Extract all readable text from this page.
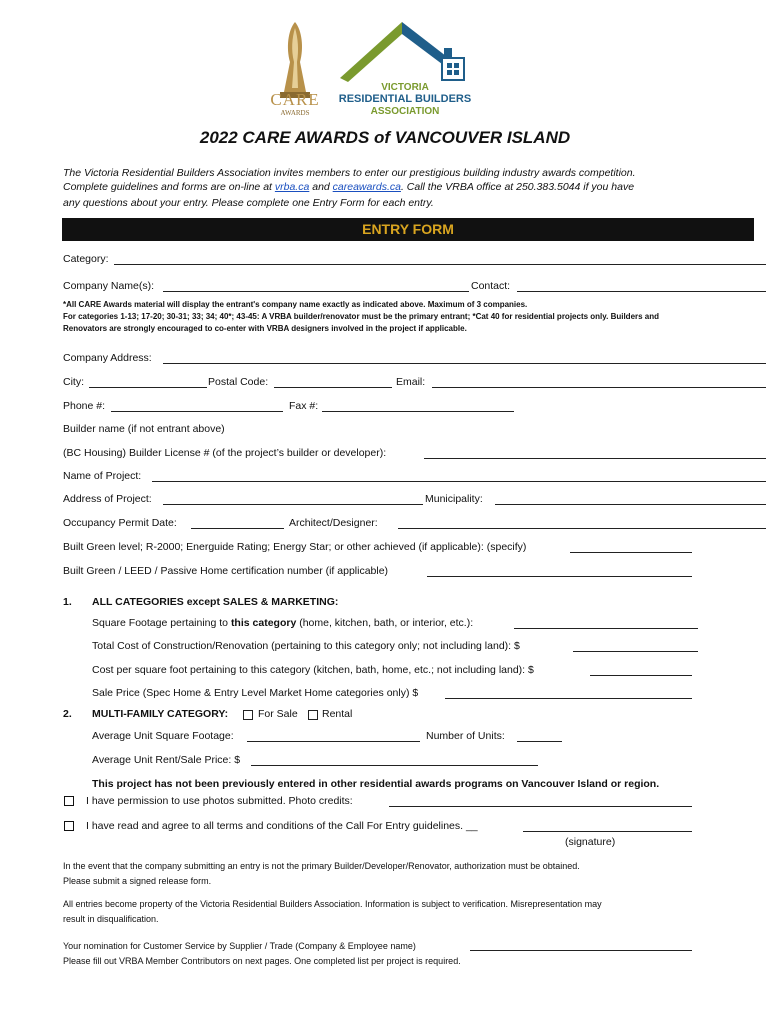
CARE
AWARDS
VICTORIA
RESIDENTIAL BUILDERS
ASSOCIATION
2022 CARE AWARDS of VANCOUVER ISLAND
The Victoria Residential Builders Association invites members to enter our prestigious building industry awards competition.
Complete guidelines and forms are on-line at vrba.ca and careawards.ca. Call the VRBA office at 250.383.5044 if you have
any questions about your entry. Please complete one Entry Form for each entry.
ENTRY FORM
Category:
Company Name(s):	Contact:
*All CARE Awards material will display the entrant's company name exactly as indicated above. Maximum of 3 companies.
For categories 1-13; 17-20; 30-31; 33; 34; 40*; 43-45: A VRBA builder/renovator must be the primary entrant; *Cat 40 for residential projects only. Builders and
Renovators are strongly encouraged to co-enter with VRBA designers involved in the project if applicable.
Company Address:
City:	Postal Code:	Email:
Phone #:	Fax #:
Builder name (if not entrant above)
(BC Housing) Builder License # (of the project’s builder or developer):
Name of Project:
Address of Project:	Municipality:
Occupancy Permit Date:	Architect/Designer:
Built Green level; R-2000; Energuide Rating; Energy Star; or other achieved (if applicable): (specify)
Built Green / LEED / Passive Home certification number (if applicable)
1. ALL CATEGORIES except SALES & MARKETING:
Square Footage pertaining to this category (home, kitchen, bath, or interior, etc.):
Total Cost of Construction/Renovation (pertaining to this category only; not including land): $
Cost per square foot pertaining to this category (kitchen, bath, home, etc.; not including land): $
Sale Price (Spec Home & Entry Level Market Home categories only) $
2. MULTI-FAMILY CATEGORY:	For Sale Rental
Average Unit Square Footage:	Number of Units:
Average Unit Rent/Sale Price: $
This project has not been previously entered in other residential awards programs on Vancouver Island or region.
I have permission to use photos submitted. Photo credits:
I have read and agree to all terms and conditions of the Call For Entry guidelines. __
(signature)
In the event that the company submitting an entry is not the primary Builder/Developer/Renovator, authorization must be obtained.
Please submit a signed release form.
All entries become property of the Victoria Residential Builders Association. Information is subject to verification. Misrepresentation may
result in disqualification.
Your nomination for Customer Service by Supplier / Trade (Company & Employee name)
Please fill out VRBA Member Contributors on next pages. One completed list per project is required.
